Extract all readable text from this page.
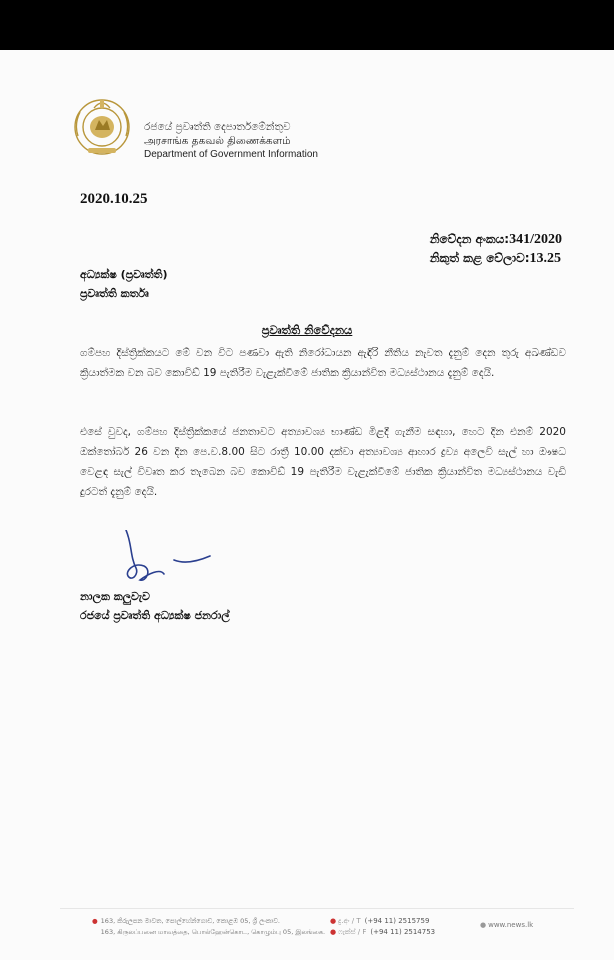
රජයේ ප්‍රවෘත්ති දෙපාර්තමේන්තුව
அரசாங்க தகவல் திணைக்களம்
Department of Government Information
2020.10.25
නිවේදන අංකය:341/2020
නිකුත් කළ වේලාව:13.25
අධ්‍යක්ෂ (ප්‍රවෘත්ති)
ප්‍රවෘත්ති කර්තෘ
ප්‍රවෘත්ති නිවේදනය
ගම්පහ දිස්ත්‍රික්කයට මේ වන විට පණවා ඇති නිරෝධායන ඇඳිරි නීතිය නැවත දැනුම් දෙන තුරු අඛණ්ඩව ක්‍රියාත්මක වන බව කොවිඩ් 19 පැතිරීම වැළැක්වීමේ ජාතික ක්‍රියාන්විත මධ්‍යස්ථානය දැනුම් දෙයි.
එසේ වුවද, ගම්පහ දිස්ත්‍රික්කයේ ජනතාවට අත්‍යාවශ්‍ය භාණ්ඩ මිළදී ගැනීම සඳහා, හෙට දින එනම් 2020 ඔක්තෝබර් 26 වන දින පෙ.ව.8.00 සිට රාත්‍රී 10.00 දක්වා අත්‍යාවශ්‍ය ආහාර ද්‍රව්‍ය අලෙවි සැල් හා ඖෂධ වෙළඳ සැල් විවෘත කර තැබෙන බව කොවිඩ් 19 පැතිරීම වැළැක්වීමේ ජාතික ක්‍රියාන්විත මධ්‍යස්ථානය වැඩි දුරටත් දැනුම් දෙයි.
නාලක කලුවැව
රජයේ ප්‍රවෘත්ති අධ්‍යක්ෂ ජනරාල්
● 163, කිරුලපන මාවත, පොල්හේන්ගොඩ, කොළඹ 05, ශ්‍රී ලංකාව.
163, கிருலப்பனை மாவத்தை, பொல்ஹேன்கொட, கொழும்பு 05, இலங்கை.
● දු.අං / T (+94 11) 2515759
● ෆැක්ස් / F (+94 11) 2514753
● www.news.lk
